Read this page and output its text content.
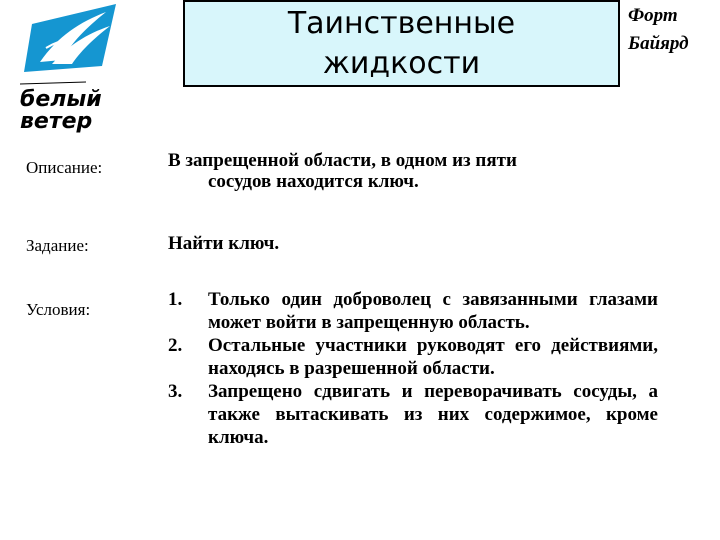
белый
ветер
Таинственные
жидкости
Форт
Байярд
Описание:	В запрещенной области, в одном из пяти
сосудов находится ключ.
Задание:	Найти ключ.
Условия:	1.	Только один доброволец с завязанными глазами может войти в запрещенную область.
2.	Остальные участники руководят его действиями, находясь в разрешенной области.
3.	Запрещено сдвигать и переворачивать сосуды, а также вытаскивать из них содержимое, кроме ключа.
